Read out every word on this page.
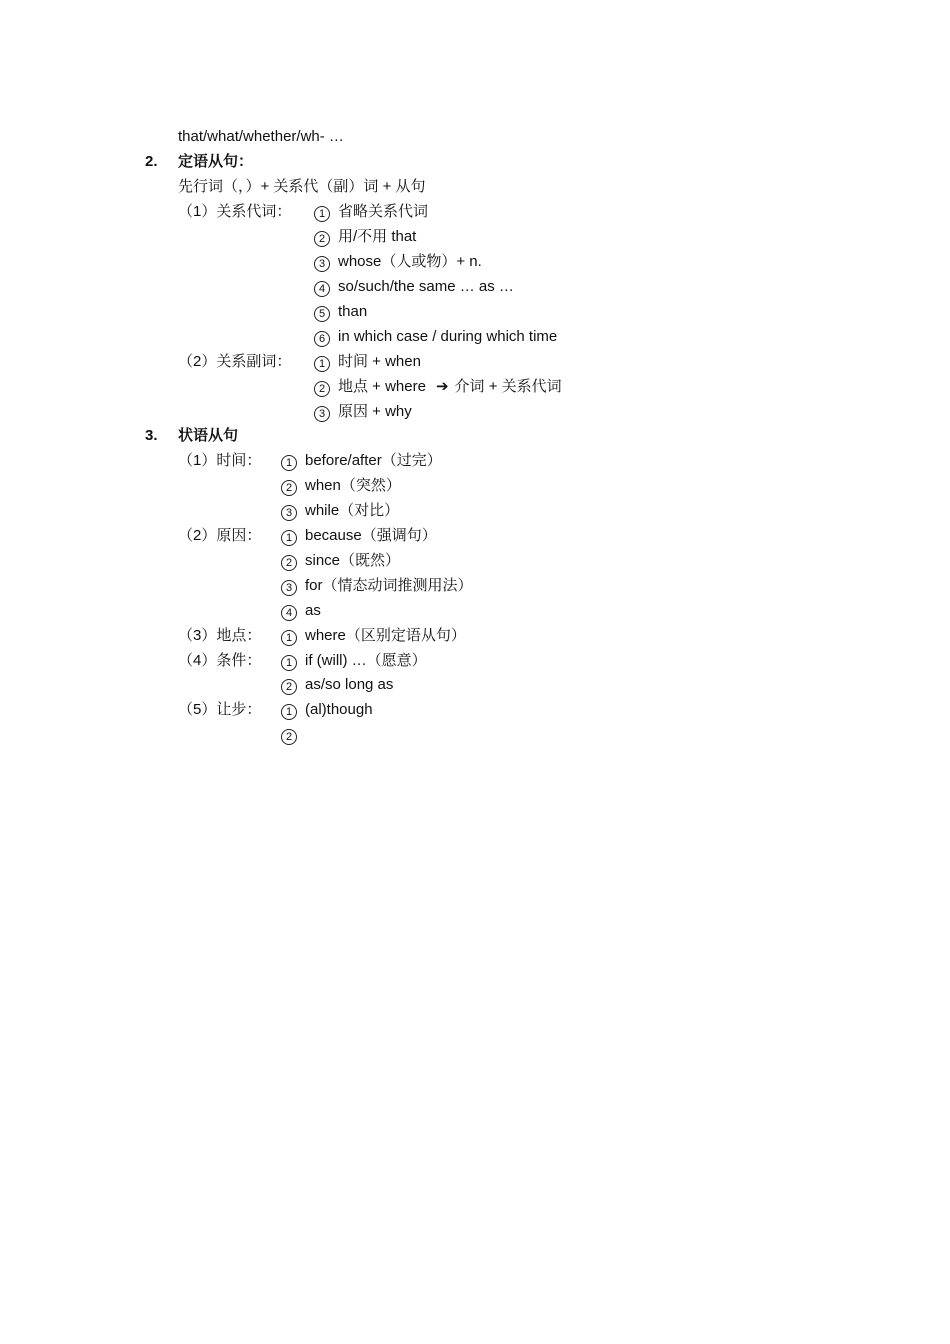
that/what/whether/wh- …
2. 定语从句：
先行词（，）+ 关系代（副）词 + 从句
（1）关系代词：	1 省略关系代词
2 用/不用 that
3 whose（人或物）+ n.
4 so/such/the same … as …
5 than
6 in which case / during which time
（2）关系副词：	1 时间 + when
2 地点 + where ➔ 介词 + 关系代词
3 原因 + why
3. 状语从句
（1）时间：	1 before/after（过完）
2 when（突然）
3 while（对比）
（2）原因：	1 because（强调句）
2 since（既然）
3 for（情态动词推测用法）
4 as
（3）地点：	1 where（区别定语从句）
（4）条件：	1 if (will) …（愿意）
2 as/so long as
（5）让步：	1 (al)though
2
